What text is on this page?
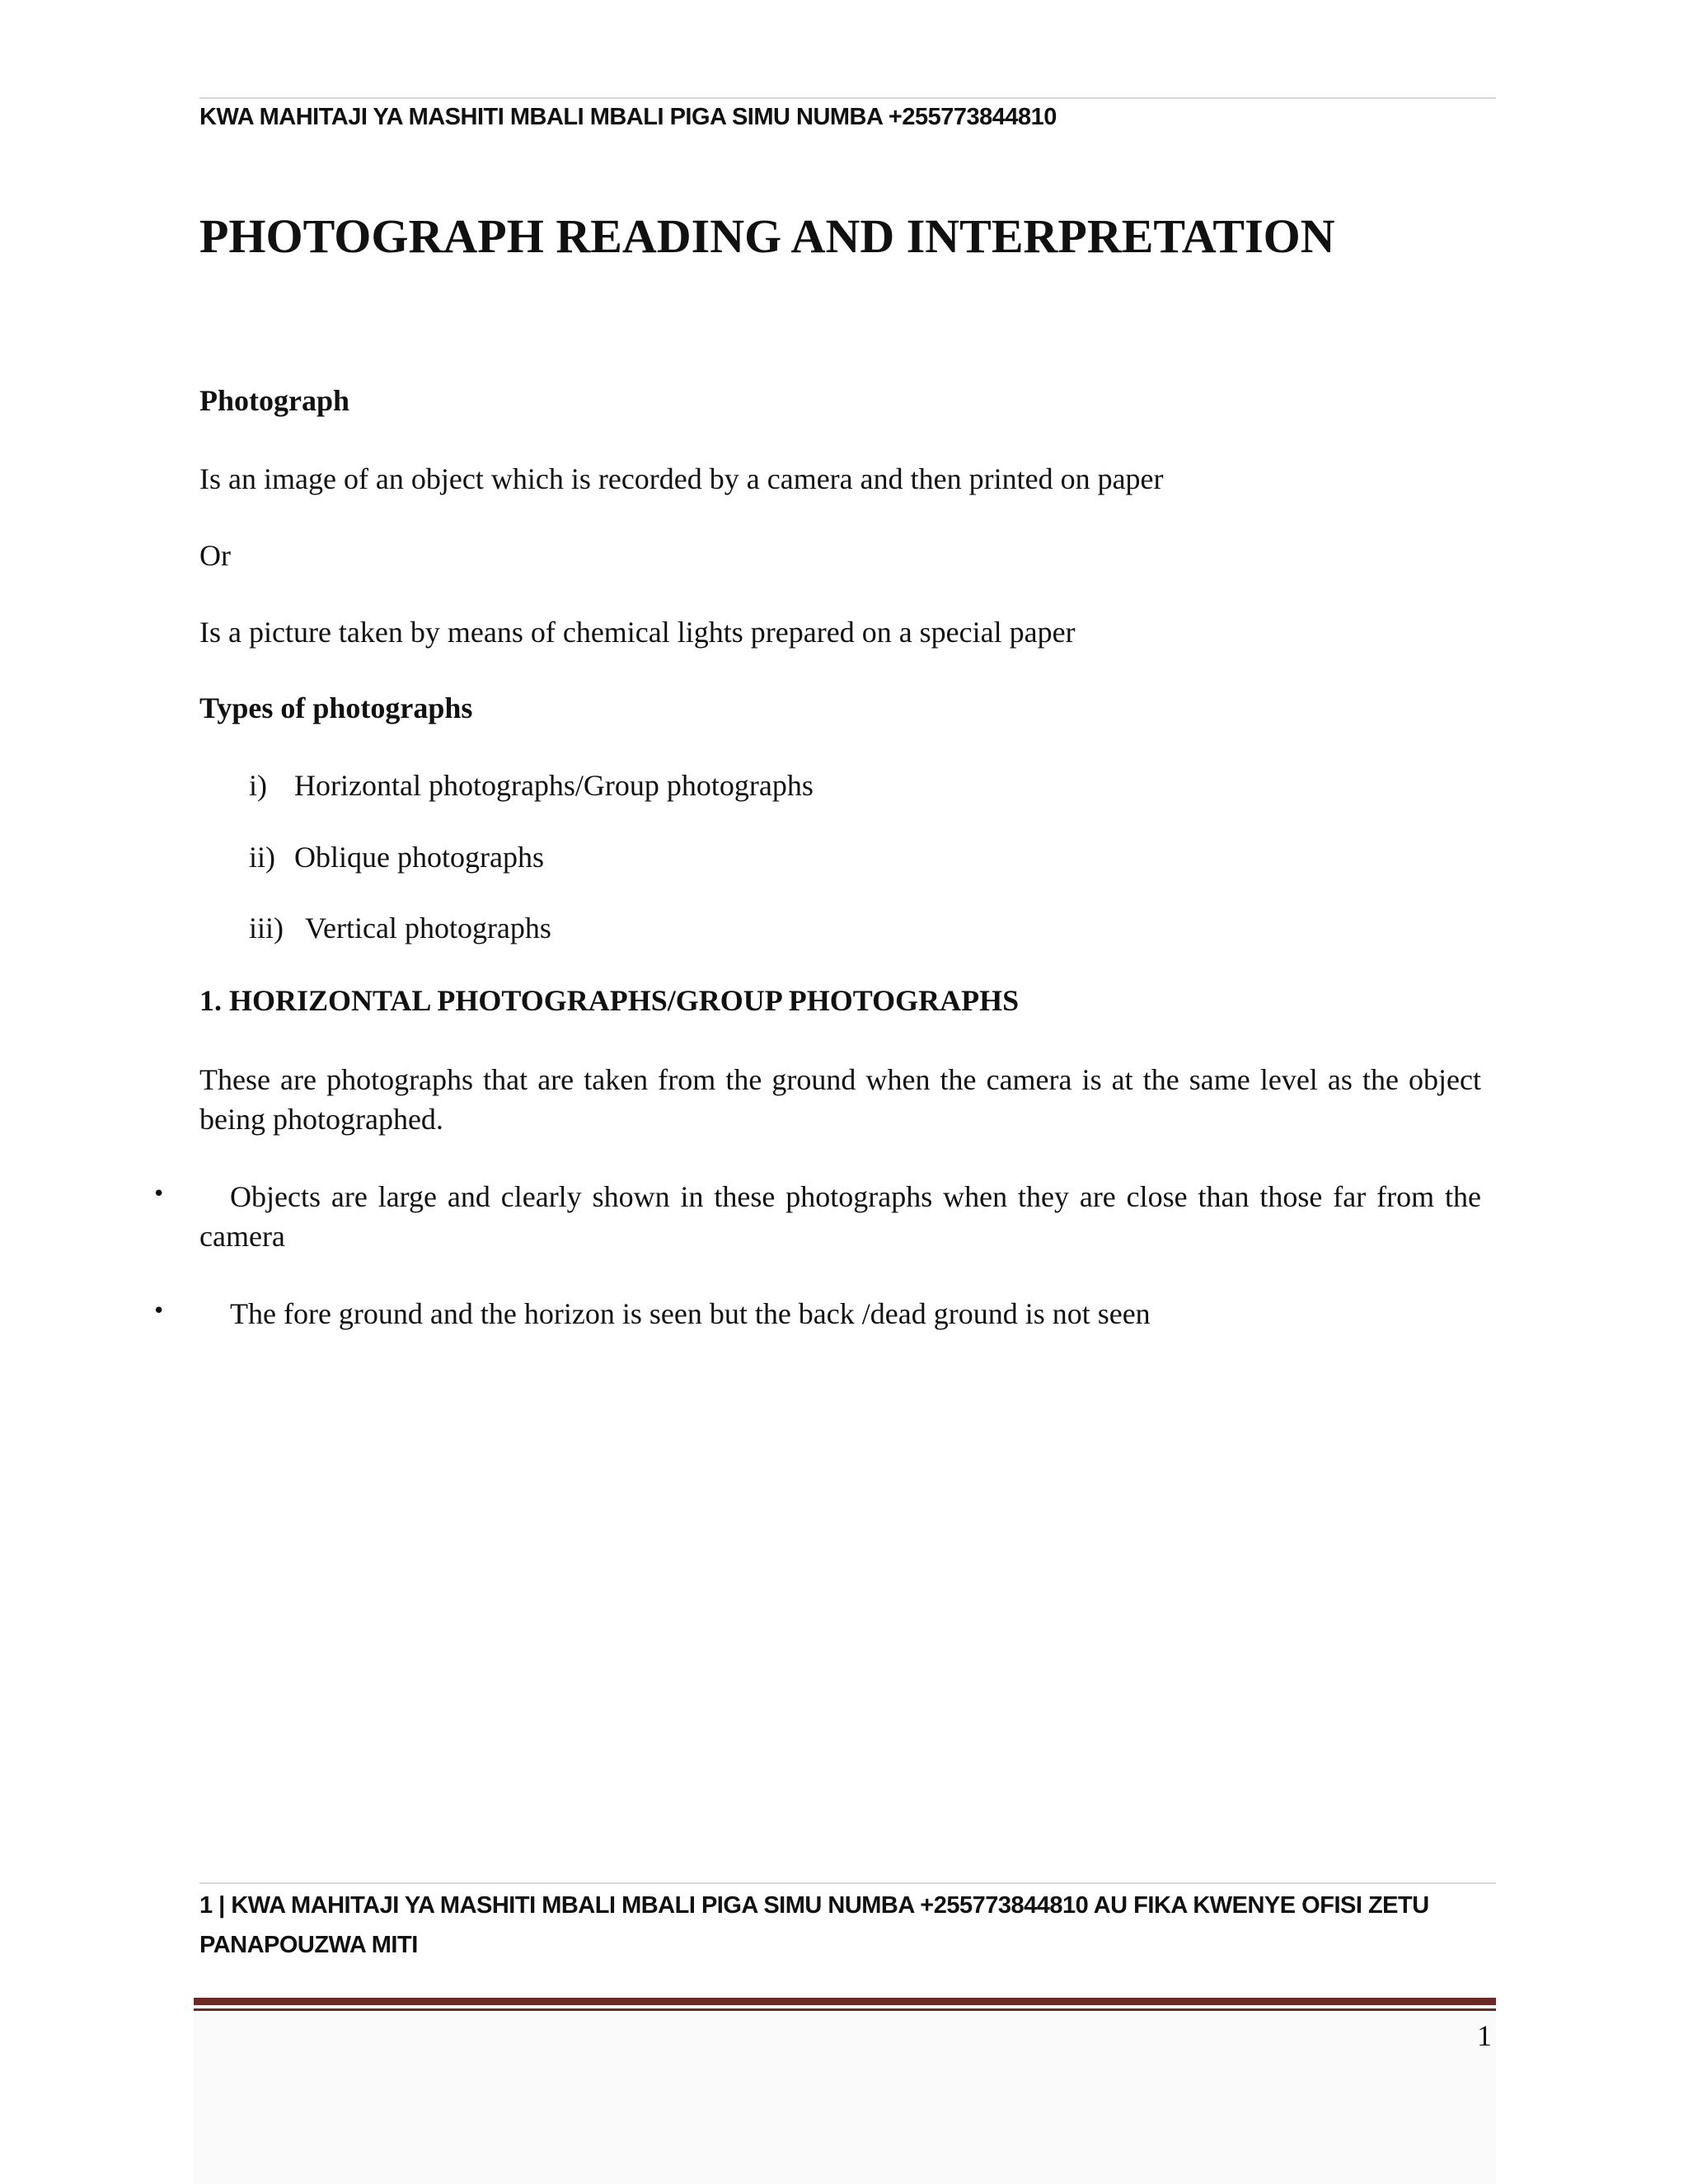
KWA MAHITAJI YA MASHITI MBALI MBALI PIGA SIMU NUMBA +255773844810
PHOTOGRAPH READING AND INTERPRETATION
Photograph

Is an image of an object which is recorded by a camera and then printed on paper

Or

Is a picture taken by means of chemical lights prepared on a special paper

Types of photographs
i) Horizontal photographs/Group photographs
ii) Oblique photographs
iii) Vertical photographs
1. HORIZONTAL PHOTOGRAPHS/GROUP PHOTOGRAPHS

These are photographs that are taken from the ground when the camera is at the same level as the object being photographed.

•	Objects are large and clearly shown in these photographs when they are close than those far from the camera
•	The fore ground and the horizon is seen but the back /dead ground is not seen
1 | KWA MAHITAJI YA MASHITI MBALI MBALI PIGA SIMU NUMBA +255773844810 AU FIKA KWENYE OFISI ZETU PANAPOUZWA MITI
1
